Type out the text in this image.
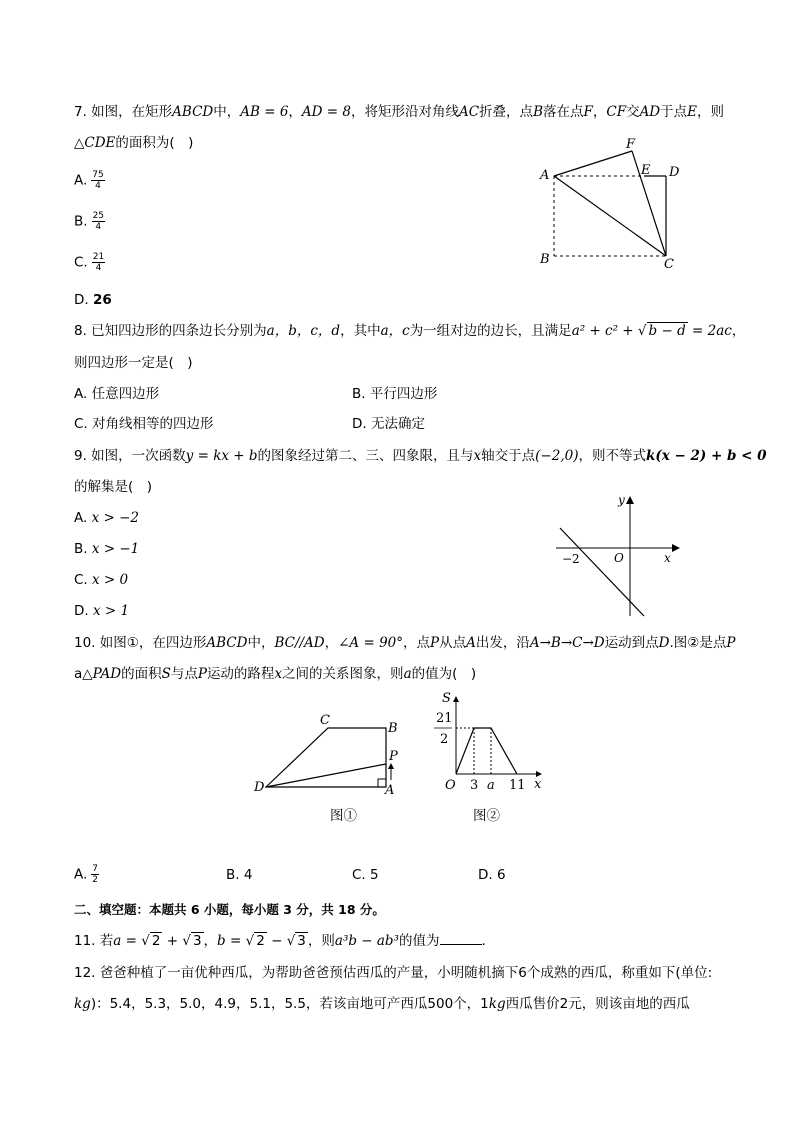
7. 如图，在矩形ABCD中，AB = 6，AD = 8，将矩形沿对角线AC折叠，点B落在点F，CF交AD于点E，则
△CDE的面积为(　)
A. $\frac{75}{4}$
B. $\frac{25}{4}$
C. $\frac{21}{4}$
D. 26
A
B	C
D
E
F
8. 已知四边形的四条边长分别为a，b，c，d，其中a，c为一组对边的边长，且满足a² + c² + √ b − d = 2ac，
则四边形一定是(　)
A. 任意四边形	B. 平行四边形
C. 对角线相等的四边形	D. 无法确定
9. 如图，一次函数y = kx + b的图象经过第二、三、四象限，且与x轴交于点(−2,0)，则不等式k(x − 2) + b < 0
的解集是(　)
A. x > −2
B. x > −1
C. x > 0
D. x > 1
y
x
O
−2
10. 如图①，在四边形ABCD中，BC//AD，∠A = 90°，点P从点A出发，沿A→B→C→D运动到点D.图②是点P
a△PAD的面积S与点P运动的路程x之间的关系图象，则a的值为(　)
C
B
P
D	A
图①
S
21
2
O 3 a 11 x
图②
A. $\frac{7}{2}$	B. 4	C. 5	D. 6
二、填空题：本题共 6 小题，每小题 3 分，共 18 分。
11. 若a = √ 2 + √ 3 ，b = √ 2 − √ 3 ，则a³b − ab³的值为	.
12. 爸爸种植了一亩优种西瓜，为帮助爸爸预估西瓜的产量，小明随机摘下6个成熟的西瓜，称重如下(单位:
kg)：5.4，5.3，5.0，4.9，5.1，5.5，若该亩地可产西瓜500个，1kg西瓜售价2元，则该亩地的西瓜
